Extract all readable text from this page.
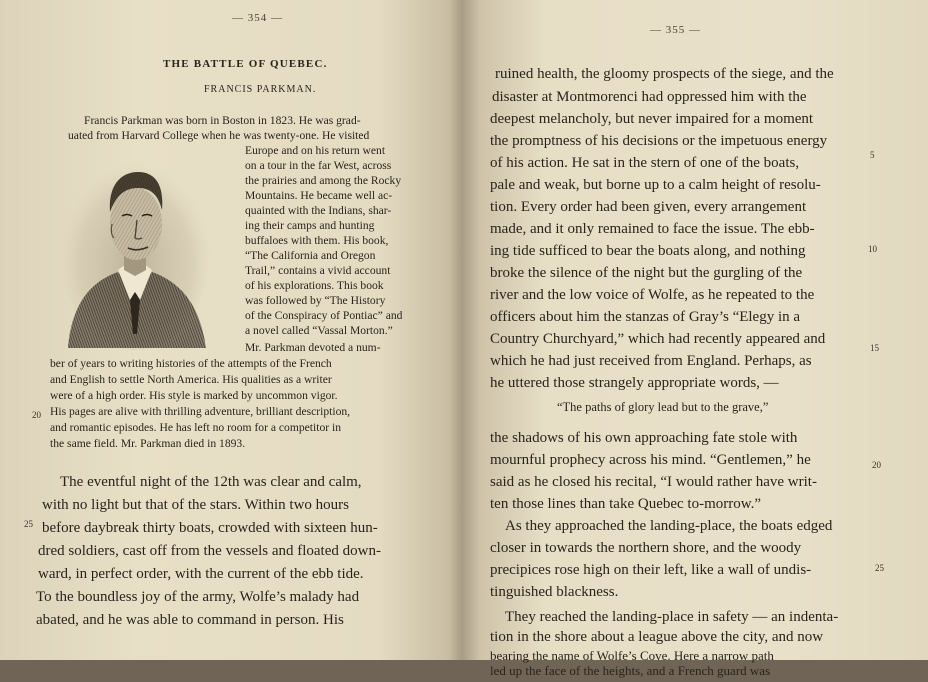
— 354 —
THE BATTLE OF QUEBEC.
FRANCIS PARKMAN.
Francis Parkman was born in Boston in 1823. He was grad-
uated from Harvard College when he was twenty-one. He visited
Europe and on his return went
on a tour in the far West, across
the prairies and among the Rocky
Mountains. He became well ac-
quainted with the Indians, shar-
ing their camps and hunting
buffaloes with them. His book,
“The California and Oregon
Trail,” contains a vivid account
of his explorations. This book
was followed by “The History
of the Conspiracy of Pontiac” and
a novel called “Vassal Morton.”
Mr. Parkman devoted a num-
ber of years to writing histories of the attempts of the French
and English to settle North America. His qualities as a writer
were of a high order. His style is marked by uncommon vigor.
His pages are alive with thrilling adventure, brilliant description,
and romantic episodes. He has left no room for a competitor in
the same field. Mr. Parkman died in 1893.
The eventful night of the 12th was clear and calm,
with no light but that of the stars. Within two hours
before daybreak thirty boats, crowded with sixteen hun-
dred soldiers, cast off from the vessels and floated down-
ward, in perfect order, with the current of the ebb tide.
To the boundless joy of the army, Wolfe’s malady had
abated, and he was able to command in person. His
20
25
— 355 —
ruined health, the gloomy prospects of the siege, and the
disaster at Montmorenci had oppressed him with the
deepest melancholy, but never impaired for a moment
the promptness of his decisions or the impetuous energy
of his action. He sat in the stern of one of the boats,
pale and weak, but borne up to a calm height of resolu-
tion. Every order had been given, every arrangement
made, and it only remained to face the issue. The ebb-
ing tide sufficed to bear the boats along, and nothing
broke the silence of the night but the gurgling of the
river and the low voice of Wolfe, as he repeated to the
officers about him the stanzas of Gray’s “Elegy in a
Country Churchyard,” which had recently appeared and
which he had just received from England. Perhaps, as
he uttered those strangely appropriate words, —
“The paths of glory lead but to the grave,”
the shadows of his own approaching fate stole with
mournful prophecy across his mind. “Gentlemen,” he
said as he closed his recital, “I would rather have writ-
ten those lines than take Quebec to-morrow.”
As they approached the landing-place, the boats edged
closer in towards the northern shore, and the woody
precipices rose high on their left, like a wall of undis-
tinguished blackness.
They reached the landing-place in safety — an indenta-
tion in the shore about a league above the city, and now
bearing the name of Wolfe’s Cove. Here a narrow path
led up the face of the heights, and a French guard was
5
10
15
20
25
